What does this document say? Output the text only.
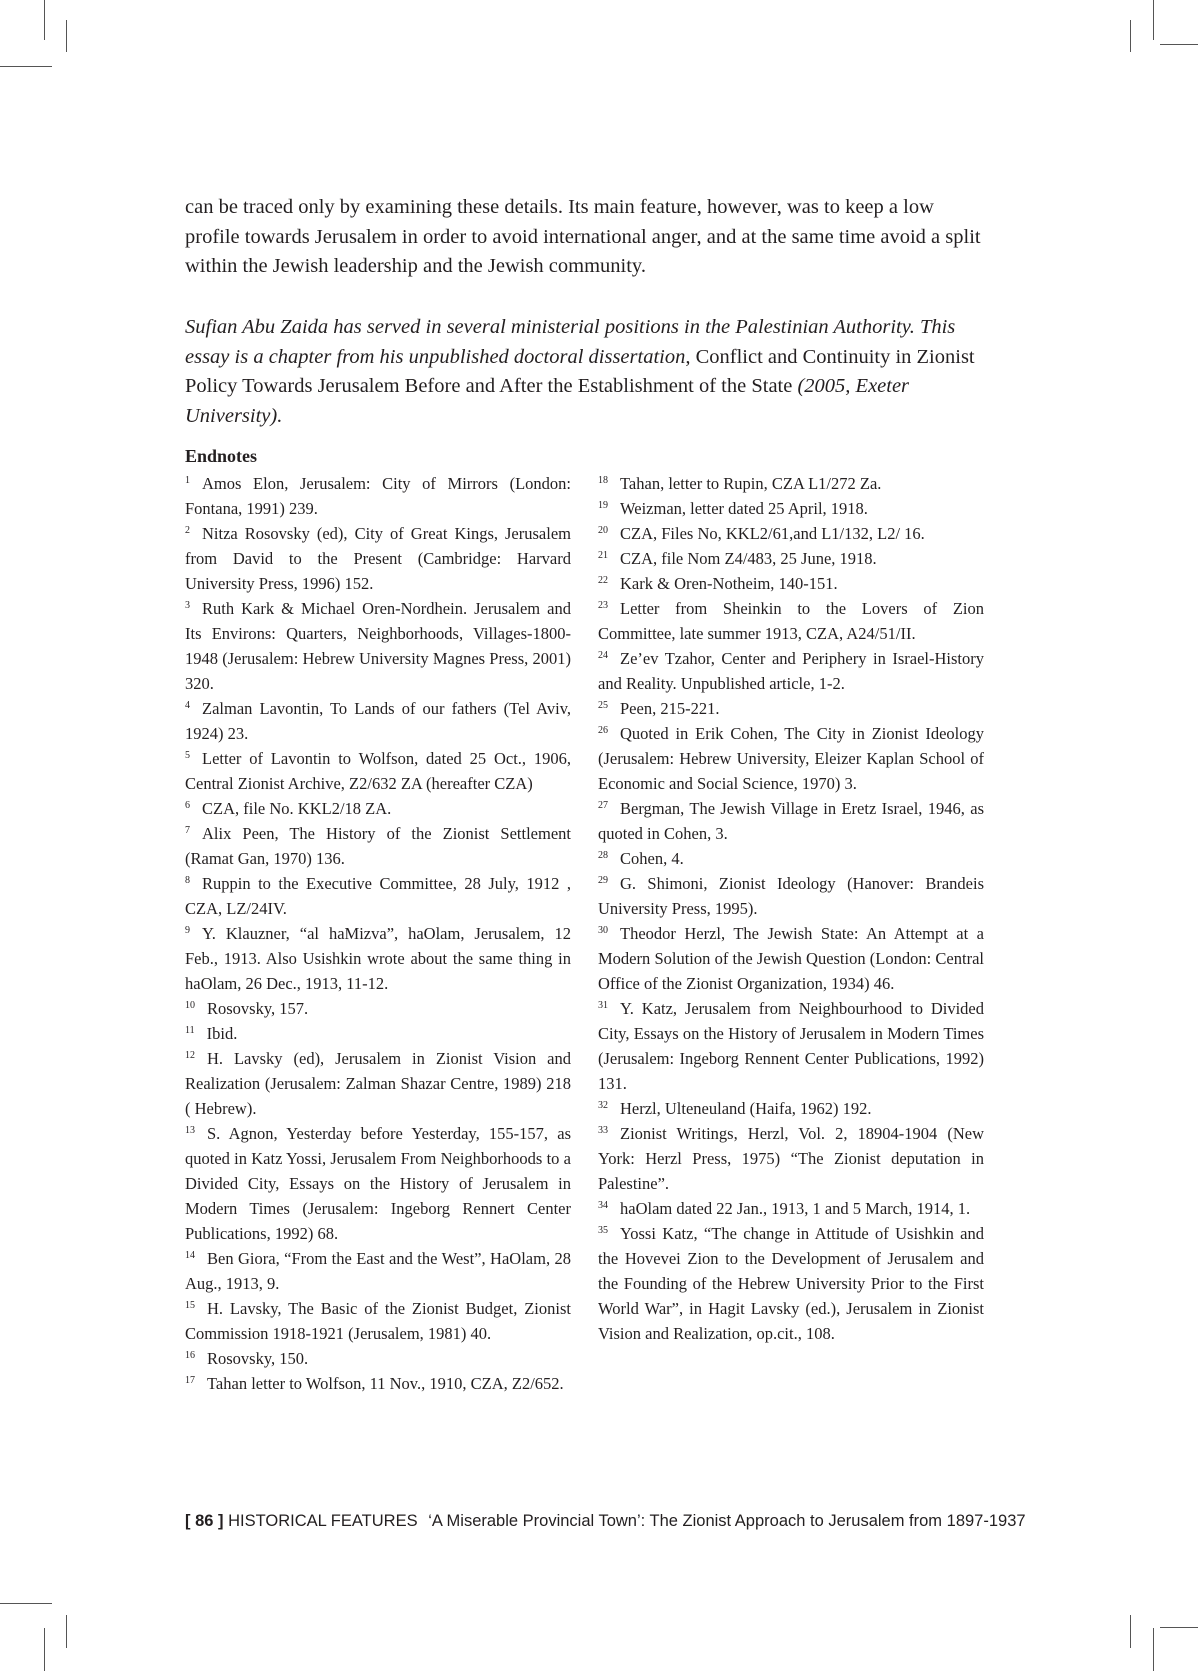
can be traced only by examining these details. Its main feature, however, was to keep a low profile towards Jerusalem in order to avoid international anger, and at the same time avoid a split within the Jewish leadership and the Jewish community.

Sufian Abu Zaida has served in several ministerial positions in the Palestinian Authority. This essay is a chapter from his unpublished doctoral dissertation, Conflict and Continuity in Zionist Policy Towards Jerusalem Before and After the Establishment of the State (2005, Exeter University).

Endnotes

$^1$ Amos Elon, Jerusalem: City of Mirrors (London: Fontana, 1991) 239.

$^2$ Nitza Rosovsky (ed), City of Great Kings, Jerusalem from David to the Present (Cambridge: Harvard University Press, 1996) 152.

$^3$ Ruth Kark & Michael Oren-Nordhein. Jerusalem and Its Environs: Quarters, Neighborhoods, Villages-1800-1948 (Jerusalem: Hebrew University Magnes Press, 2001) 320.

$^4$ Zalman Lavontin, To Lands of our fathers (Tel Aviv, 1924) 23.

$^5$ Letter of Lavontin to Wolfson, dated 25 Oct., 1906, Central Zionist Archive, Z2/632 ZA (hereafter CZA)

$^6$ CZA, file No. KKL2/18 ZA.

$^7$ Alix Peen, The History of the Zionist Settlement (Ramat Gan, 1970) 136.

$^8$ Ruppin to the Executive Committee, 28 July, 1912 , CZA, LZ/24IV.

$^9$ Y. Klauzner, “al haMizva”, haOlam, Jerusalem, 12 Feb., 1913. Also Usishkin wrote about the same thing in haOlam, 26 Dec., 1913, 11-12.

$^{10}$ Rosovsky, 157.

$^{11}$ Ibid.

$^{12}$ H. Lavsky (ed), Jerusalem in Zionist Vision and Realization (Jerusalem: Zalman Shazar Centre, 1989) 218 ( Hebrew).

$^{13}$ S. Agnon, Yesterday before Yesterday, 155-157, as quoted in Katz Yossi, Jerusalem From Neighborhoods to a Divided City, Essays on the History of Jerusalem in Modern Times (Jerusalem: Ingeborg Rennert Center Publications, 1992) 68.

$^{14}$ Ben Giora, “From the East and the West”, HaOlam, 28 Aug., 1913, 9.

$^{15}$ H. Lavsky, The Basic of the Zionist Budget, Zionist Commission 1918-1921 (Jerusalem, 1981) 40.

$^{16}$ Rosovsky, 150.

$^{17}$ Tahan letter to Wolfson, 11 Nov., 1910, CZA, Z2/652.

$^{18}$ Tahan, letter to Rupin, CZA L1/272 Za.

$^{19}$ Weizman, letter dated 25 April, 1918.

$^{20}$ CZA, Files No, KKL2/61,and L1/132, L2/ 16.

$^{21}$ CZA, file Nom Z4/483, 25 June, 1918.

$^{22}$ Kark & Oren-Notheim, 140-151.

$^{23}$ Letter from Sheinkin to the Lovers of Zion Committee, late summer 1913, CZA, A24/51/II.

$^{24}$ Ze’ev Tzahor, Center and Periphery in Israel-History and Reality. Unpublished article, 1-2.

$^{25}$ Peen, 215-221.

$^{26}$ Quoted in Erik Cohen, The City in Zionist Ideology (Jerusalem: Hebrew University, Eleizer Kaplan School of Economic and Social Science, 1970) 3.

$^{27}$ Bergman, The Jewish Village in Eretz Israel, 1946, as quoted in Cohen, 3.

$^{28}$ Cohen, 4.

$^{29}$ G. Shimoni, Zionist Ideology (Hanover: Brandeis University Press, 1995).

$^{30}$ Theodor Herzl, The Jewish State: An Attempt at a Modern Solution of the Jewish Question (London: Central Office of the Zionist Organization, 1934) 46.

$^{31}$ Y. Katz, Jerusalem from Neighbourhood to Divided City, Essays on the History of Jerusalem in Modern Times (Jerusalem: Ingeborg Rennent Center Publications, 1992) 131.

$^{32}$ Herzl, Ulteneuland (Haifa, 1962) 192.

$^{33}$ Zionist Writings, Herzl, Vol. 2, 18904-1904 (New York: Herzl Press, 1975) “The Zionist deputation in Palestine”.

$^{34}$ haOlam dated 22 Jan., 1913, 1 and 5 March, 1914, 1.

$^{35}$ Yossi Katz, “The change in Attitude of Usishkin and the Hovevei Zion to the Development of Jerusalem and the Founding of the Hebrew University Prior to the First World War”, in Hagit Lavsky (ed.), Jerusalem in Zionist Vision and Realization, op.cit., 108.

[ 86 ] HISTORICAL FEATURES ‘A Miserable Provincial Town’: The Zionist Approach to Jerusalem from 1897-1937
